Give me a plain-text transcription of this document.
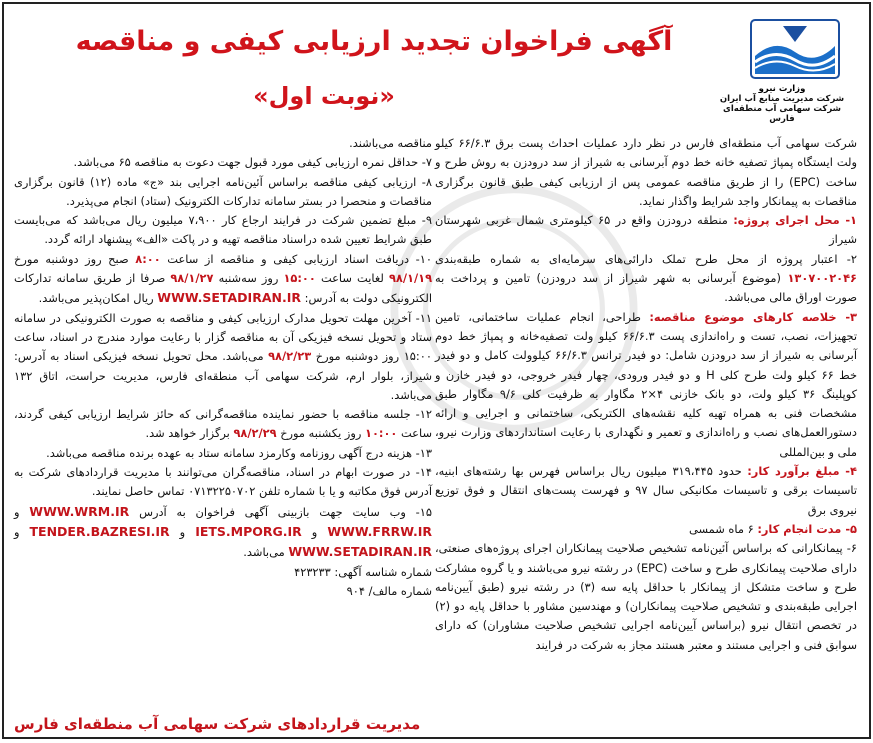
آگهی فراخوان تجدید ارزیابی کیفی و مناقصه
«نوبت اول»	وزارت نیرو
شرکت مدیریت منابع آب ایران
شرکت سهامی آب منطقه‌ای فارس

شرکت سهامی آب منطقه‌ای فارس در نظر دارد عملیات احداث پست برق ۶۶/۶.۳ کیلو ولت ایستگاه پمپاژ تصفیه خانه خط دوم آبرسانی به شیراز از سد درودزن به روش طرح و ساخت (EPC) را از طریق مناقصه عمومی پس از ارزیابی کیفی طبق قانون برگزاری مناقصات به پیمانکار واجد شرایط واگذار نماید.

۱- محل اجرای پروژه: منطقه درودزن واقع در ۶۵ کیلومتری شمال غربی شهرستان شیراز

۲- اعتبار پروژه از محل طرح تملک دارائی‌های سرمایه‌ای به شماره طبقه‌بندی ۱۳۰۷۰۰۲۰۴۶ (موضوع آبرسانی به شهر شیراز از سد درودزن) تامین و پرداخت به صورت اوراق مالی می‌باشد.

۳- خلاصه کارهای موضوع مناقصه: طراحی، انجام عملیات ساختمانی، تامین تجهیزات، نصب، تست و راه‌اندازی پست ۶۶/۶.۳ کیلو ولت تصفیه‌خانه و پمپاژ خط دوم آبرسانی به شیراز از سد درودزن شامل: دو فیدر ترانس ۶۶/۶.۳ کیلوولت کامل و دو فیدر خط ۶۶ کیلو ولت طرح کلی H و دو فیدر ورودی، چهار فیدر خروجی، دو فیدر خازن و کوپلینگ ۳۶ کیلو ولت، دو بانک خازنی ۴×۲ مگاوار به ظرفیت کلی ۹/۶ مگاوار طبق مشخصات فنی به همراه تهیه کلیه نقشه‌های الکتریکی، ساختمانی و اجرایی و ارائه دستورالعمل‌های نصب و راه‌اندازی و تعمیر و نگهداری با رعایت استانداردهای وزارت نیرو، ملی و بین‌المللی

۴- مبلغ برآورد کار: حدود ۳۱۹،۴۴۵ میلیون ریال براساس فهرس بها رشته‌های ابنیه، تاسیسات برقی و تاسیسات مکانیکی سال ۹۷ و فهرست پست‌های انتقال و فوق توزیع نیروی برق

۵- مدت انجام کار: ۶ ماه شمسی

۶- پیمانکارانی که براساس آئین‌نامه تشخیص صلاحیت پیمانکاران اجرای پروژه‌های صنعتی، دارای صلاحیت پیمانکاری طرح و ساخت (EPC) در رشته نیرو می‌باشند و یا گروه مشارکت طرح و ساخت متشکل از پیمانکار با حداقل پایه سه (۳) در رشته نیرو (طبق آیین‌نامه اجرایی طبقه‌بندی و تشخیص صلاحیت پیمانکاران) و مهندسین مشاور با حداقل پایه دو (۲) در تخصص انتقال نیرو (براساس آیین‌نامه اجرایی تشخیص صلاحیت مشاوران) که دارای سوابق فنی و اجرایی مستند و معتبر هستند مجاز به شرکت در فرایند

مناقصه می‌باشند.

۷- حداقل نمره ارزیابی کیفی مورد قبول جهت دعوت به مناقصه ۶۵ می‌باشد.

۸- ارزیابی کیفی مناقصه براساس آئین‌نامه اجرایی بند «ج» ماده (۱۲) قانون برگزاری مناقصات و منحصرا در بستر سامانه تدارکات الکترونیک (ستاد) انجام می‌پذیرد.

۹- مبلغ تضمین شرکت در فرایند ارجاع کار ۷،۹۰۰ میلیون ریال می‌باشد که می‌بایست طبق شرایط تعیین شده دراسناد مناقصه تهیه و در پاکت «الف» پیشنهاد ارائه گردد.

۱۰- دریافت اسناد ارزیابی کیفی و مناقصه از ساعت ۸:۰۰ صبح روز دوشنبه مورخ ۹۸/۱/۱۹ لغایت ساعت ۱۵:۰۰ روز سه‌شنبه ۹۸/۱/۲۷ صرفا از طریق سامانه تدارکات الکترونیکی دولت به آدرس: WWW.SETADIRAN.IR ریال امکان‌پذیر می‌باشد.

۱۱- آخرین مهلت تحویل مدارک ارزیابی کیفی و مناقصه به صورت الکترونیکی در سامانه ستاد و تحویل نسخه فیزیکی آن به مناقصه گزار با رعایت موارد مندرج در اسناد، ساعت ۱۵:۰۰ روز دوشنبه مورخ ۹۸/۲/۲۳ می‌باشد. محل تحویل نسخه فیزیکی اسناد به آدرس: شیراز، بلوار ارم، شرکت سهامی آب منطقه‌ای فارس، مدیریت حراست، اتاق ۱۳۲ می‌باشد.

۱۲- جلسه مناقصه با حضور نماینده مناقصه‌گرانی که حائز شرایط ارزیابی کیفی گردند، ساعت ۱۰:۰۰ روز یکشنبه مورخ ۹۸/۲/۲۹ برگزار خواهد شد.

۱۳- هزینه درج آگهی روزنامه وکارمزد سامانه ستاد به عهده برنده مناقصه می‌باشد.

۱۴- در صورت ابهام در اسناد، مناقصه‌گران می‌توانند با مدیریت قراردادهای شرکت به آدرس فوق مکاتبه و یا با شماره تلفن ۰۷۱۳۲۲۵۰۷۰۲ تماس حاصل نمایند.

۱۵- وب سایت جهت بازبینی آگهی فراخوان به آدرس WWW.WRM.IR و WWW.FRRW.IR و IETS.MPORG.IR و TENDER.BAZRESI.IR و WWW.SETADIRAN.IR می‌باشد.

شماره شناسه آگهی: ۴۲۳۲۳۳

شماره مالف/ ۹۰۴

مدیریت قراردادهای شرکت سهامی آب منطقه‌ای فارس
